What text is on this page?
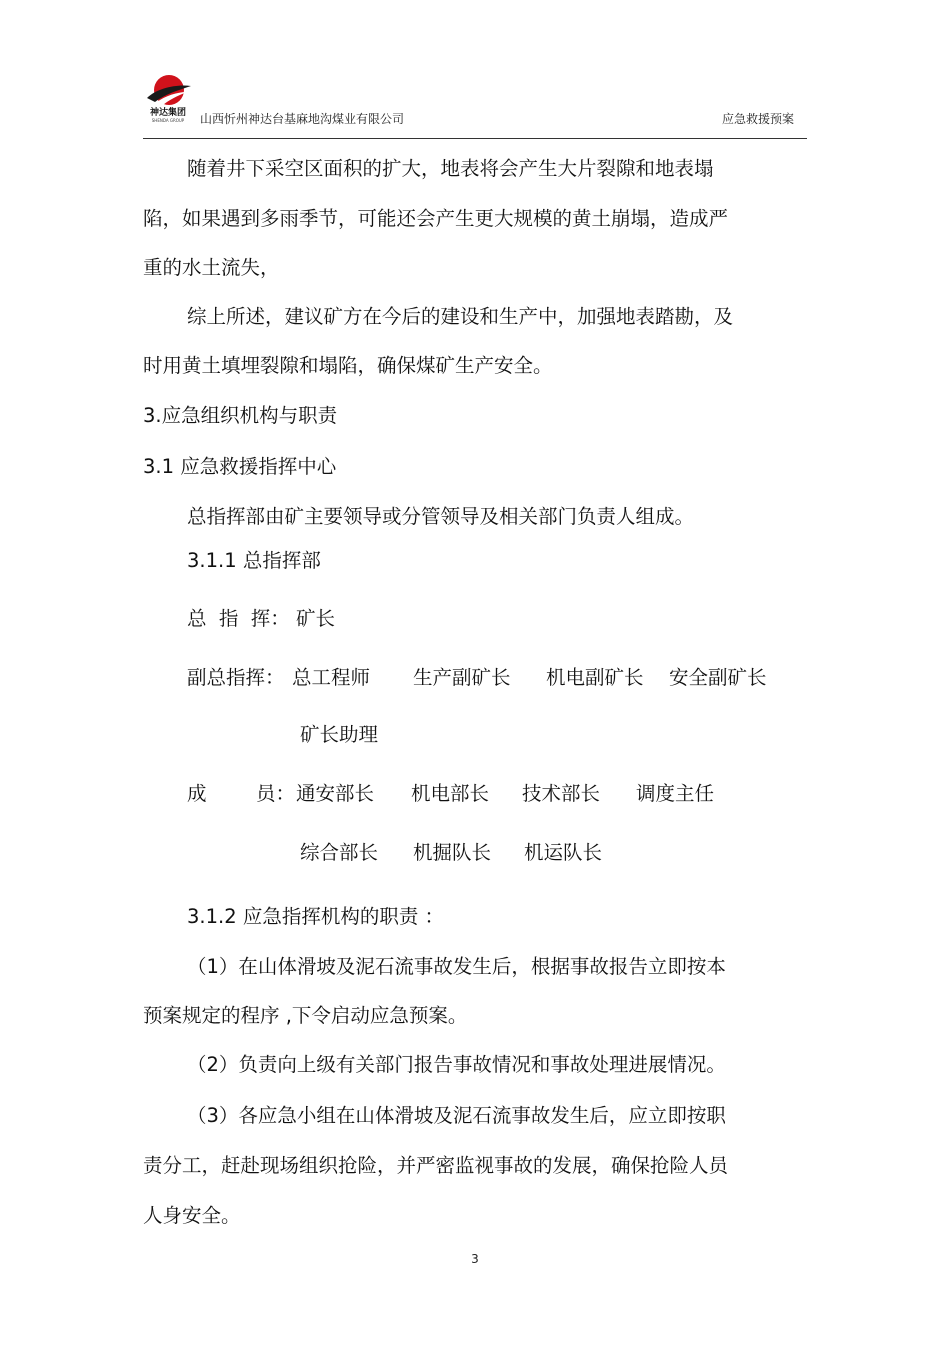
神达集团
SHENDA GROUP 山西忻州神达台基麻地沟煤业有限公司	应急救援预案
随着井下采空区面积的扩大，地表将会产生大片裂隙和地表塌
陷，如果遇到多雨季节，可能还会产生更大规模的黄土崩塌，造成严
重的水土流失，
综上所述，建议矿方在今后的建设和生产中，加强地表踏勘，及
时用黄土填埋裂隙和塌陷，确保煤矿生产安全。
3.应急组织机构与职责
3.1 应急救援指挥中心
总指挥部由矿主要领导或分管领导及相关部门负责人组成。
3.1.1 总指挥部
总  指  挥： 矿长
副总指挥： 总工程师 生产副矿长 机电副矿长 安全副矿长
矿长助理
成	员： 通安部长 机电部长 技术部长 调度主任
综合部长 机掘队长 机运队长
3.1.2 应急指挥机构的职责 ：
（1）在山体滑坡及泥石流事故发生后，根据事故报告立即按本
预案规定的程序 ,下令启动应急预案。
（2）负责向上级有关部门报告事故情况和事故处理进展情况。
（3）各应急小组在山体滑坡及泥石流事故发生后，应立即按职
责分工，赶赴现场组织抢险，并严密监视事故的发展，确保抢险人员
人身安全。
3
